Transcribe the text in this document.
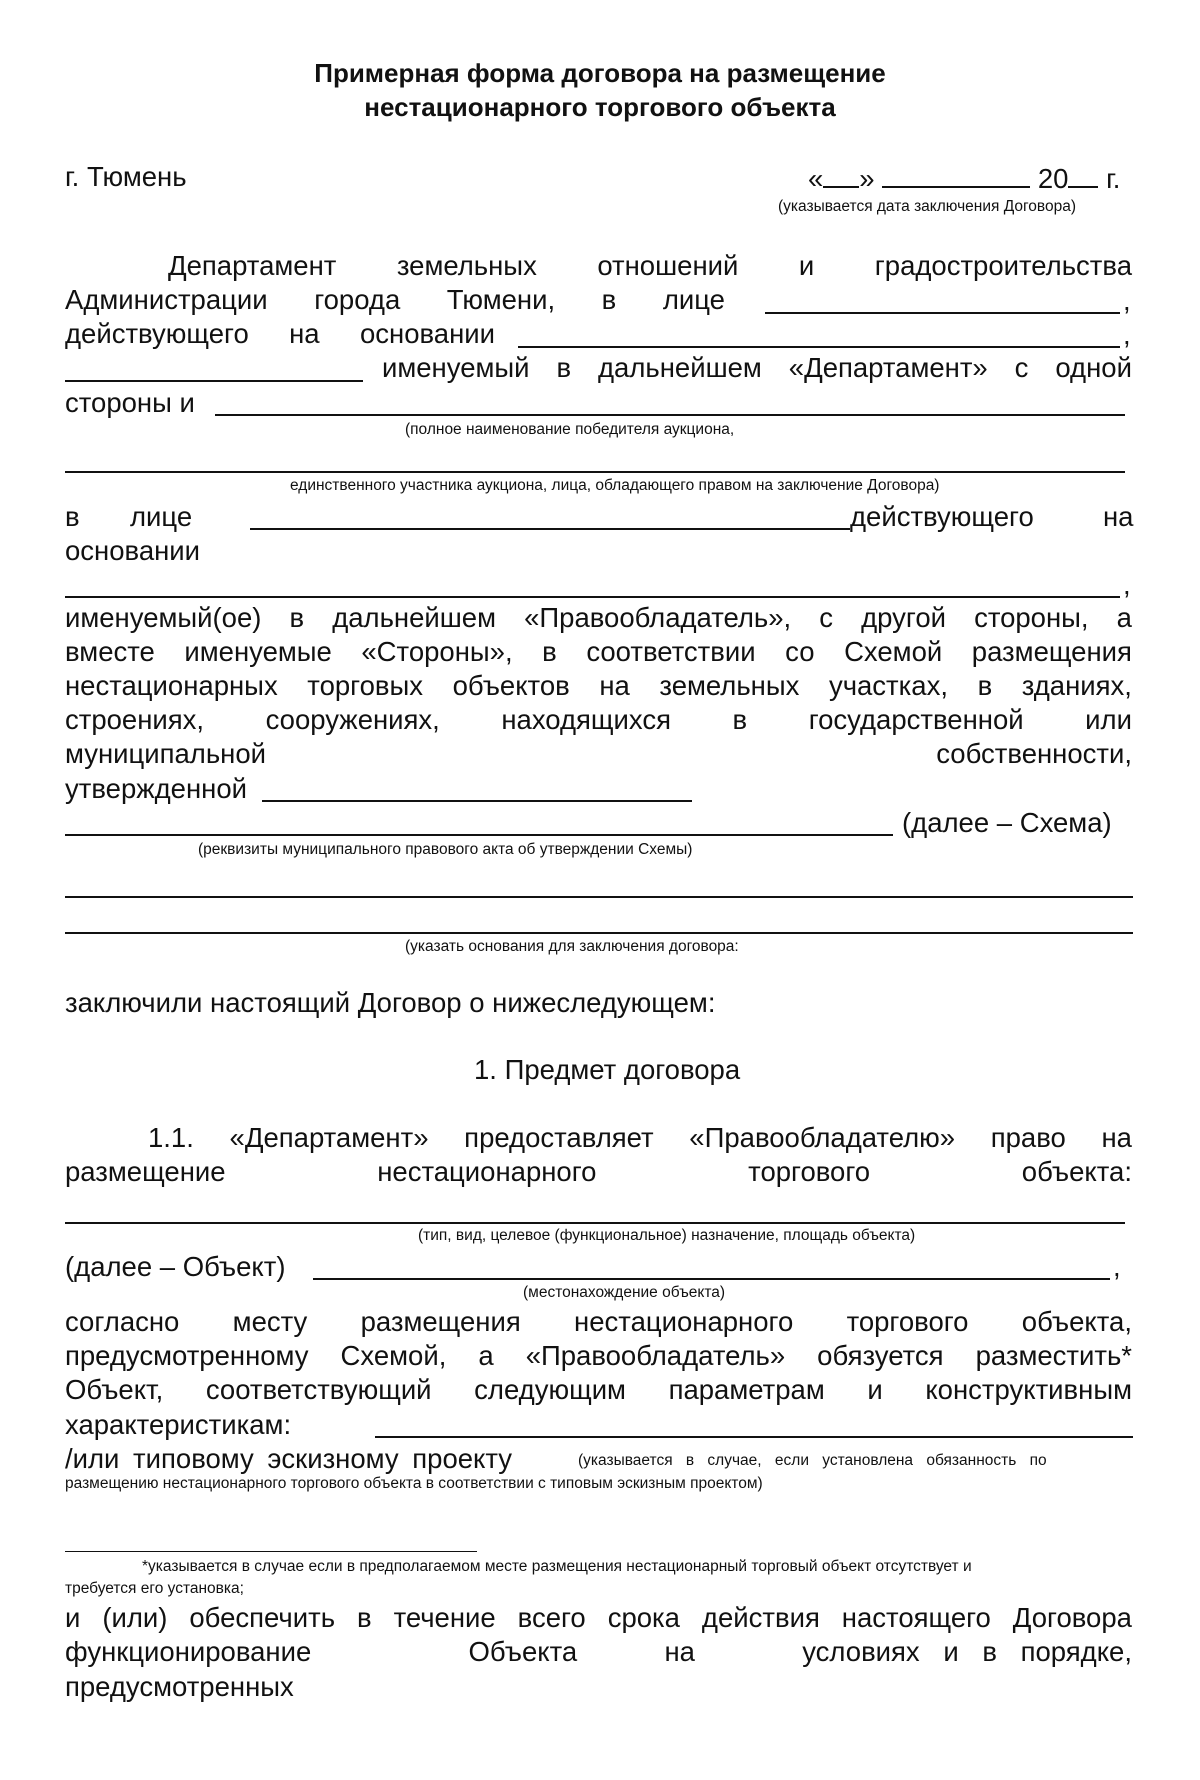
Примерная форма договора на размещение
нестационарного торгового объекта
г. Тюмень	« »	20 г.
(указывается дата заключения Договора)
Департамент земельных отношений и градостроительства
Администрации города Тюмени, в лице	,
действующего на основании	,
именуемый в дальнейшем «Департамент» с одной
стороны и
(полное наименование победителя аукциона,
единственного участника аукциона, лица, обладающего правом на заключение Договора)
в лице	действующего	на
основании
,
именуемый(ое) в дальнейшем «Правообладатель», с другой стороны, а
вместе именуемые «Стороны», в соответствии со Схемой размещения
нестационарных торговых объектов на земельных участках, в зданиях,
строениях, сооружениях, находящихся в государственной или
муниципальной	собственности,
утвержденной
(далее – Схема)
(реквизиты муниципального правового акта об утверждении Схемы)
(указать основания для заключения договора:
заключили настоящий Договор о нижеследующем:
1. Предмет договора
1.1. «Департамент» предоставляет «Правообладателю» право на
размещение	нестационарного	торгового	объекта:
(тип, вид, целевое (функциональное) назначение, площадь объекта)
(далее – Объект)	,
(местонахождение объекта)
согласно месту размещения нестационарного торгового объекта,
предусмотренному Схемой, а «Правообладатель» обязуется разместить*
Объект, соответствующий следующим параметрам и конструктивным
характеристикам:
/или типовому эскизному проекту	(указывается в случае, если установлена обязанность по
размещению нестационарного торгового объекта в соответствии с типовым эскизным проектом)
*указывается в случае если в предполагаемом месте размещения нестационарный торговый объект отсутствует и
требуется его установка;
и (или) обеспечить в течение всего срока действия настоящего Договора
функционирование	Объекта	на	условиях и в порядке,
предусмотренных
